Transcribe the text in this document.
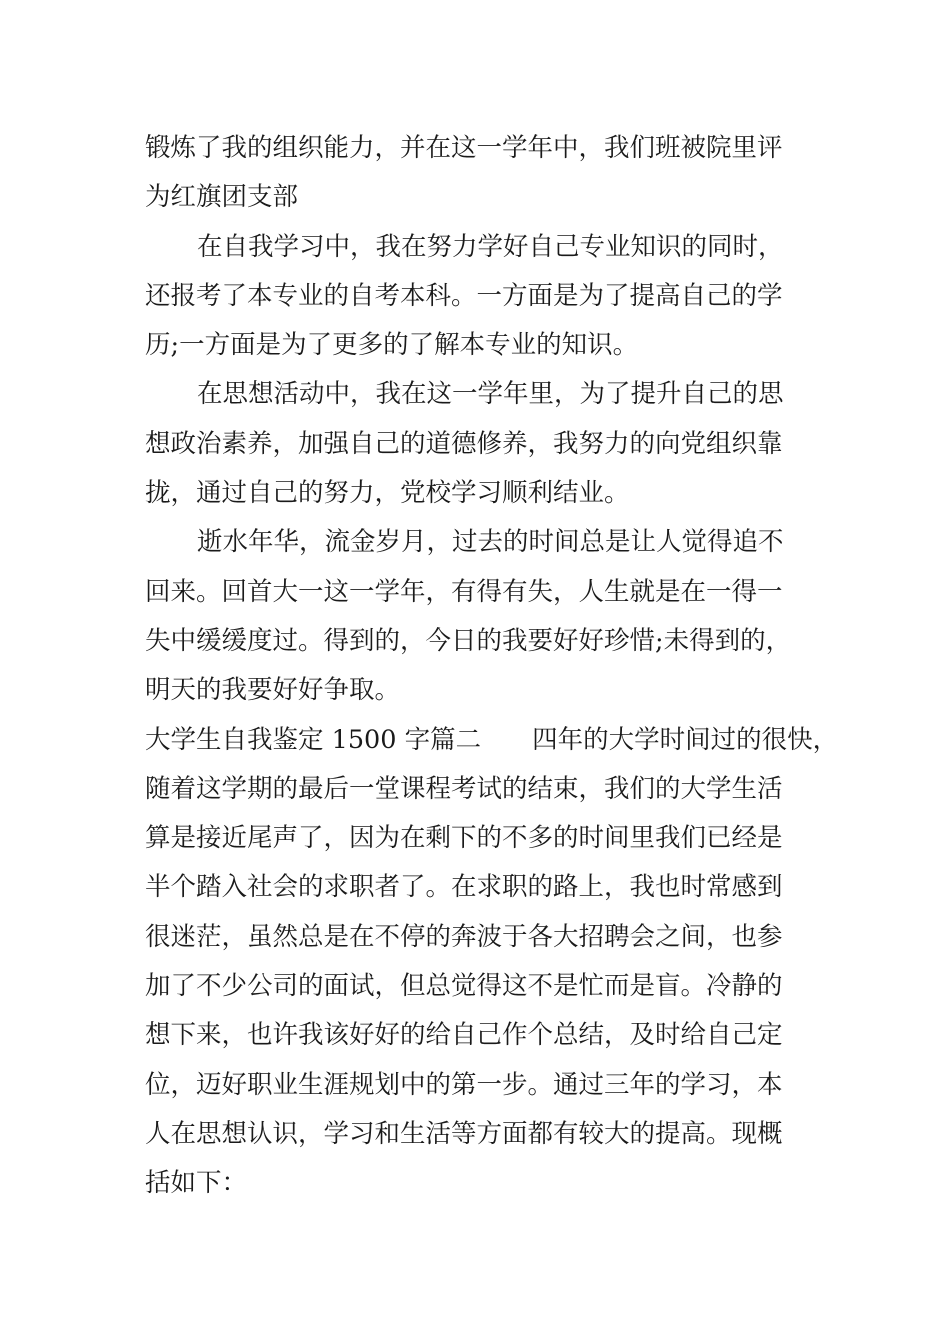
锻炼了我的组织能力，并在这一学年中，我们班被院里评
为红旗团支部
在自我学习中，我在努力学好自己专业知识的同时，
还报考了本专业的自考本科。一方面是为了提高自己的学
历;一方面是为了更多的了解本专业的知识。
在思想活动中，我在这一学年里，为了提升自己的思
想政治素养，加强自己的道德修养，我努力的向党组织靠
拢，通过自己的努力，党校学习顺利结业。
逝水年华，流金岁月，过去的时间总是让人觉得追不
回来。回首大一这一学年，有得有失，人生就是在一得一
失中缓缓度过。得到的，今日的我要好好珍惜;未得到的，
明天的我要好好争取。
大学生自我鉴定 1500 字篇二　　四年的大学时间过的很快，
随着这学期的最后一堂课程考试的结束，我们的大学生活
算是接近尾声了，因为在剩下的不多的时间里我们已经是
半个踏入社会的求职者了。在求职的路上，我也时常感到
很迷茫，虽然总是在不停的奔波于各大招聘会之间，也参
加了不少公司的面试，但总觉得这不是忙而是盲。冷静的
想下来，也许我该好好的给自己作个总结，及时给自己定
位，迈好职业生涯规划中的第一步。通过三年的学习，本
人在思想认识，学习和生活等方面都有较大的提高。现概
括如下：
